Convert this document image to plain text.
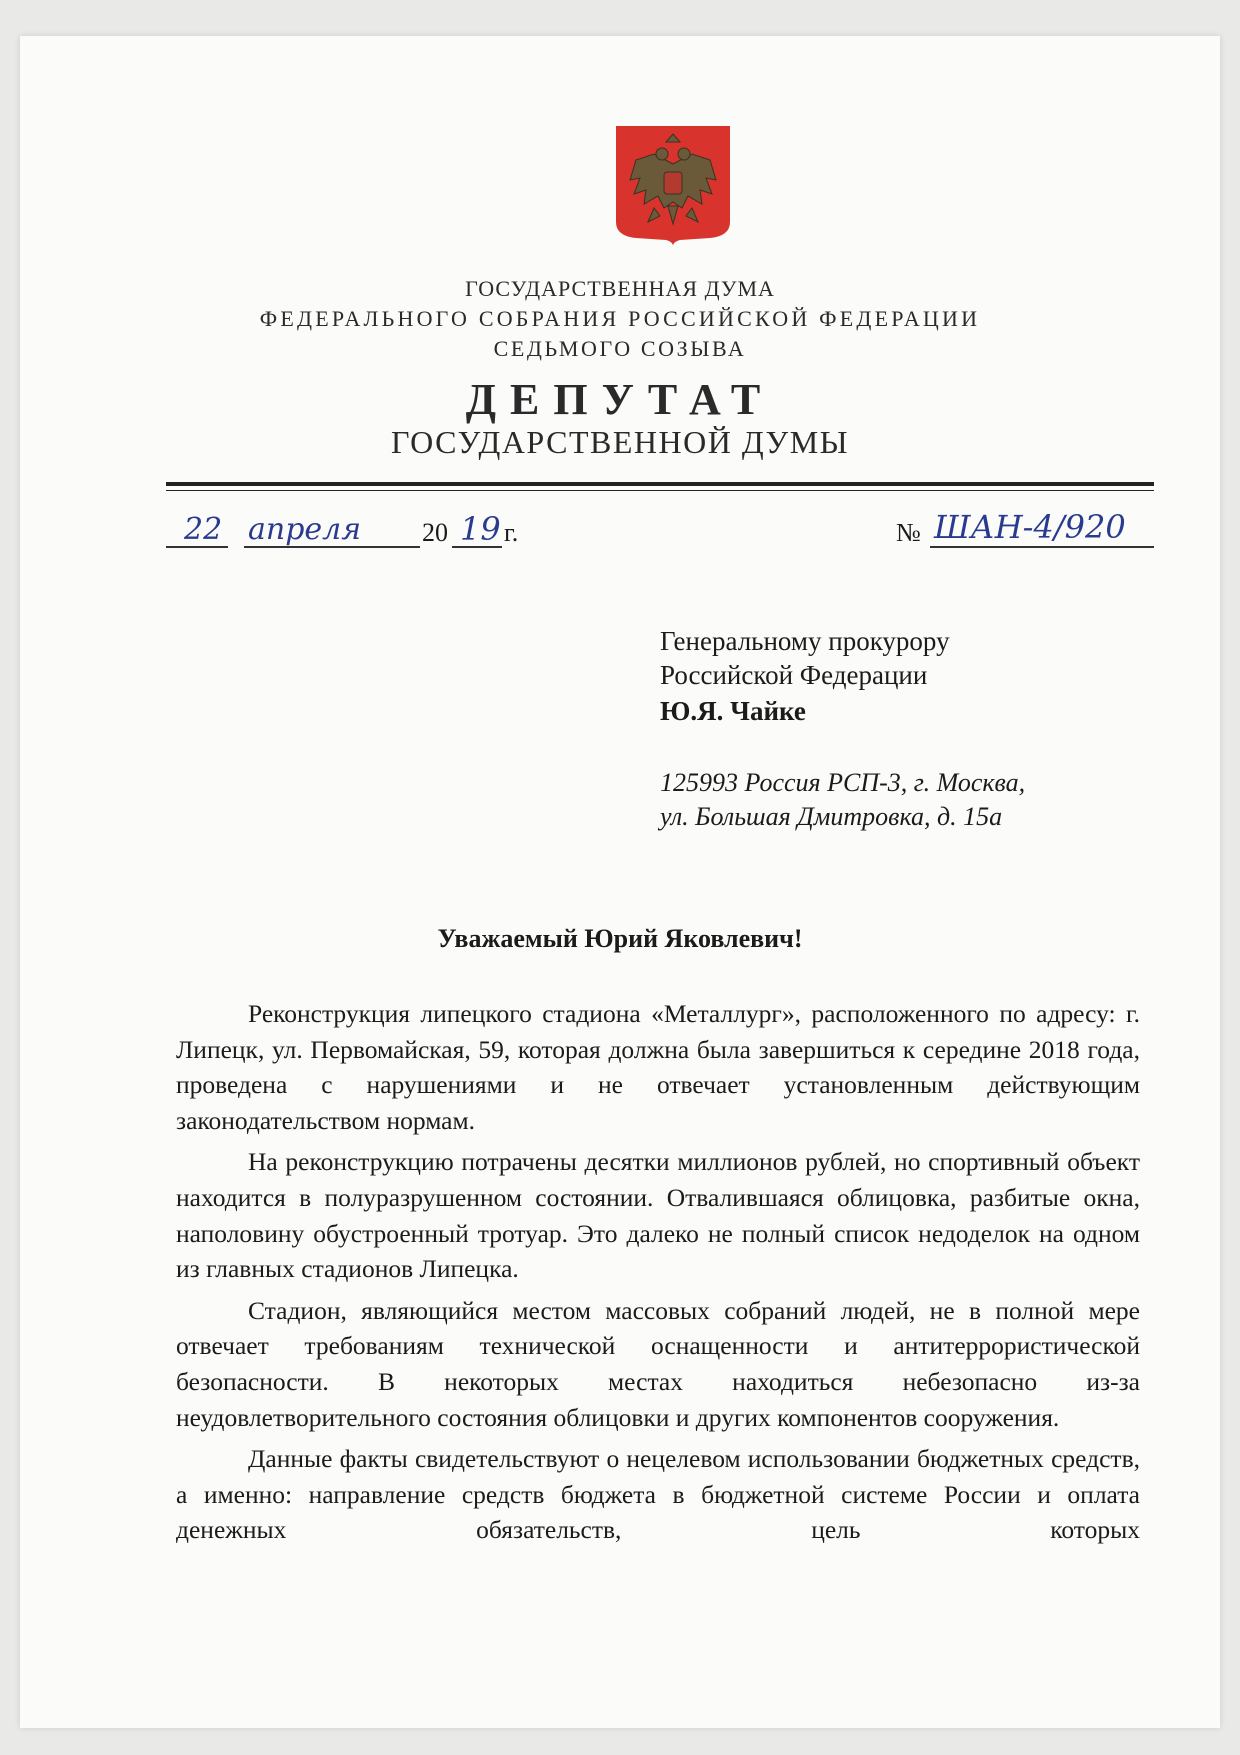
ГОСУДАРСТВЕННАЯ ДУМА
ФЕДЕРАЛЬНОГО СОБРАНИЯ РОССИЙСКОЙ ФЕДЕРАЦИИ
СЕДЬМОГО СОЗЫВА
ДЕПУТАТ
ГОСУДАРСТВЕННОЙ ДУМЫ
22 апреля 20 19 г.	№ ШАН-4/920
Генеральному прокурору
Российской Федерации
Ю.Я. Чайке
125993 Россия РСП-3, г. Москва,
ул. Большая Дмитровка, д. 15а
Уважаемый Юрий Яковлевич!

Реконструкция липецкого стадиона «Металлург», расположенного по адресу: г. Липецк, ул. Первомайская, 59, которая должна была завершиться к середине 2018 года, проведена с нарушениями и не отвечает установленным действующим законодательством нормам.

На реконструкцию потрачены десятки миллионов рублей, но спортивный объект находится в полуразрушенном состоянии. Отвалившаяся облицовка, разбитые окна, наполовину обустроенный тротуар. Это далеко не полный список недоделок на одном из главных стадионов Липецка.

Стадион, являющийся местом массовых собраний людей, не в полной мере отвечает требованиям технической оснащенности и антитеррористической безопасности. В некоторых местах находиться небезопасно из-за неудовлетворительного состояния облицовки и других компонентов сооружения.

Данные факты свидетельствуют о нецелевом использовании бюджетных средств, а именно: направление средств бюджета в бюджетной системе России и оплата денежных обязательств, цель которых
